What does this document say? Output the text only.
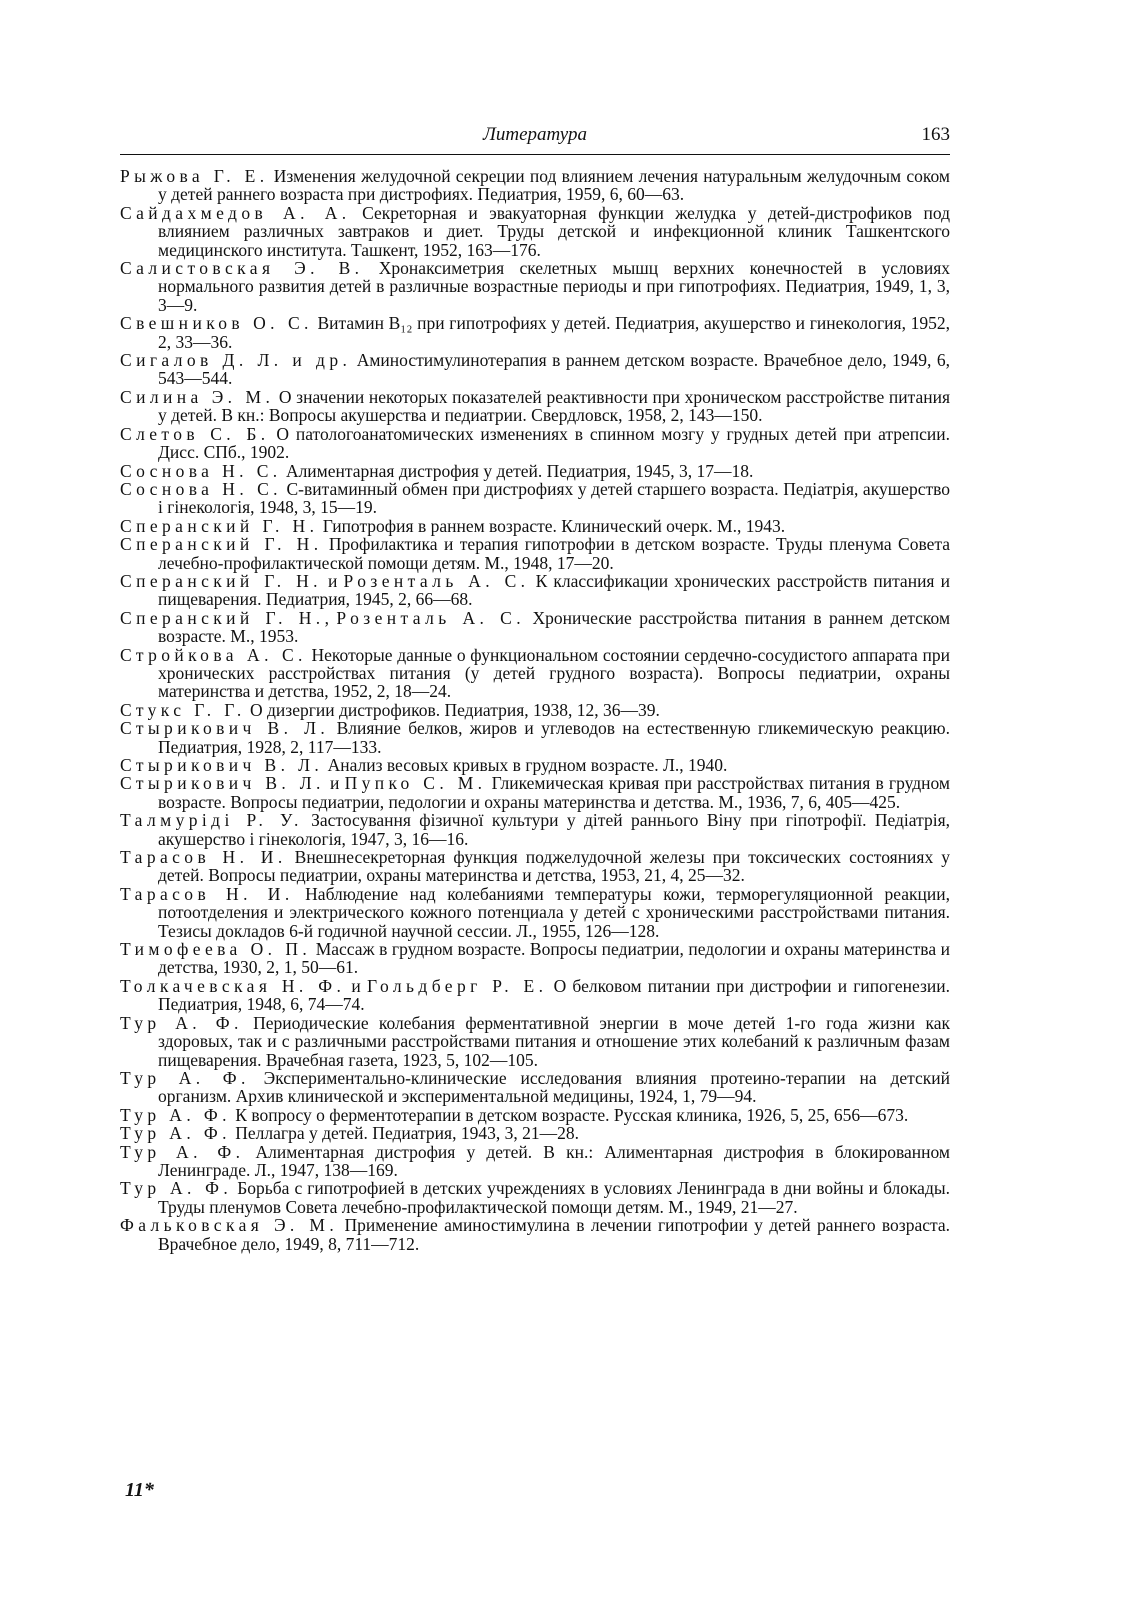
Литература	163

Рыжова Г. Е. Изменения желудочной секреции под влиянием лечения натуральным желудочным соком у детей раннего возраста при дистрофиях. Педиатрия, 1959, 6, 60—63.

Сайдахмедов А. А. Секреторная и эвакуаторная функции желудка у детей-дистрофиков под влиянием различных завтраков и диет. Труды детской и инфекционной клиник Ташкентского медицинского института. Ташкент, 1952, 163—176.

Салистовская Э. В. Хронаксиметрия скелетных мышц верхних конечностей в условиях нормального развития детей в различные возрастные периоды и при гипотрофиях. Педиатрия, 1949, 1, 3, 3—9.

Свешников О. С. Витамин B₁₂ при гипотрофиях у детей. Педиатрия, акушерство и гинекология, 1952, 2, 33—36.

Сигалов Д. Л. и др. Аминостимулинотерапия в раннем детском возрасте. Врачебное дело, 1949, 6, 543—544.

Силина Э. М. О значении некоторых показателей реактивности при хроническом расстройстве питания у детей. В кн.: Вопросы акушерства и педиатрии. Свердловск, 1958, 2, 143—150.

Слетов С. Б. О патологоанатомических изменениях в спинном мозгу у грудных детей при атрепсии. Дисс. СПб., 1902.

Соснова Н. С. Алиментарная дистрофия у детей. Педиатрия, 1945, 3, 17—18.

Соснова Н. С. С-витаминный обмен при дистрофиях у детей старшего возраста. Педіатрія, акушерство і гінекологія, 1948, 3, 15—19.

Сперанский Г. Н. Гипотрофия в раннем возрасте. Клинический очерк. М., 1943.

Сперанский Г. Н. Профилактика и терапия гипотрофии в детском возрасте. Труды пленума Совета лечебно-профилактической помощи детям. М., 1948, 17—20.

Сперанский Г. Н. и Розенталь А. С. К классификации хронических расстройств питания и пищеварения. Педиатрия, 1945, 2, 66—68.

Сперанский Г. Н., Розенталь А. С. Хронические расстройства питания в раннем детском возрасте. М., 1953.

Стройкова А. С. Некоторые данные о функциональном состоянии сердечно-сосудистого аппарата при хронических расстройствах питания (у детей грудного возраста). Вопросы педиатрии, охраны материнства и детства, 1952, 2, 18—24.

Стукс Г. Г. О дизергии дистрофиков. Педиатрия, 1938, 12, 36—39.

Стырикович В. Л. Влияние белков, жиров и углеводов на естественную гликемическую реакцию. Педиатрия, 1928, 2, 117—133.

Стырикович В. Л. Анализ весовых кривых в грудном возрасте. Л., 1940.

Стырикович В. Л. и Пупко С. М. Гликемическая кривая при расстройствах питания в грудном возрасте. Вопросы педиатрии, педологии и охраны материнства и детства. М., 1936, 7, 6, 405—425.

Талмуріді Р. У. Застосування фізичної культури у дітей раннього Віну при гіпотрофії. Педіатрія, акушерство і гінекологія, 1947, 3, 16—16.

Тарасов Н. И. Внешнесекреторная функция поджелудочной железы при токсических состояниях у детей. Вопросы педиатрии, охраны материнства и детства, 1953, 21, 4, 25—32.

Тарасов Н. И. Наблюдение над колебаниями температуры кожи, терморегуляционной реакции, потоотделения и электрического кожного потенциала у детей с хроническими расстройствами питания. Тезисы докладов 6-й годичной научной сессии. Л., 1955, 126—128.

Тимофеева О. П. Массаж в грудном возрасте. Вопросы педиатрии, педологии и охраны материнства и детства, 1930, 2, 1, 50—61.

Толкачевская Н. Ф. и Гольдберг Р. Е. О белковом питании при дистрофии и гипогенезии. Педиатрия, 1948, 6, 74—74.

Тур А. Ф. Периодические колебания ферментативной энергии в моче детей 1-го года жизни как здоровых, так и с различными расстройствами питания и отношение этих колебаний к различным фазам пищеварения. Врачебная газета, 1923, 5, 102—105.

Тур А. Ф. Экспериментально-клинические исследования влияния протеино-терапии на детский организм. Архив клинической и экспериментальной медицины, 1924, 1, 79—94.

Тур А. Ф. К вопросу о ферментотерапии в детском возрасте. Русская клиника, 1926, 5, 25, 656—673.

Тур А. Ф. Пеллагра у детей. Педиатрия, 1943, 3, 21—28.

Тур А. Ф. Алиментарная дистрофия у детей. В кн.: Алиментарная дистрофия в блокированном Ленинграде. Л., 1947, 138—169.

Тур А. Ф. Борьба с гипотрофией в детских учреждениях в условиях Ленинграда в дни войны и блокады. Труды пленумов Совета лечебно-профилактической помощи детям. М., 1949, 21—27.

Фальковская Э. М. Применение аминостимулина в лечении гипотрофии у детей раннего возраста. Врачебное дело, 1949, 8, 711—712.

11*
